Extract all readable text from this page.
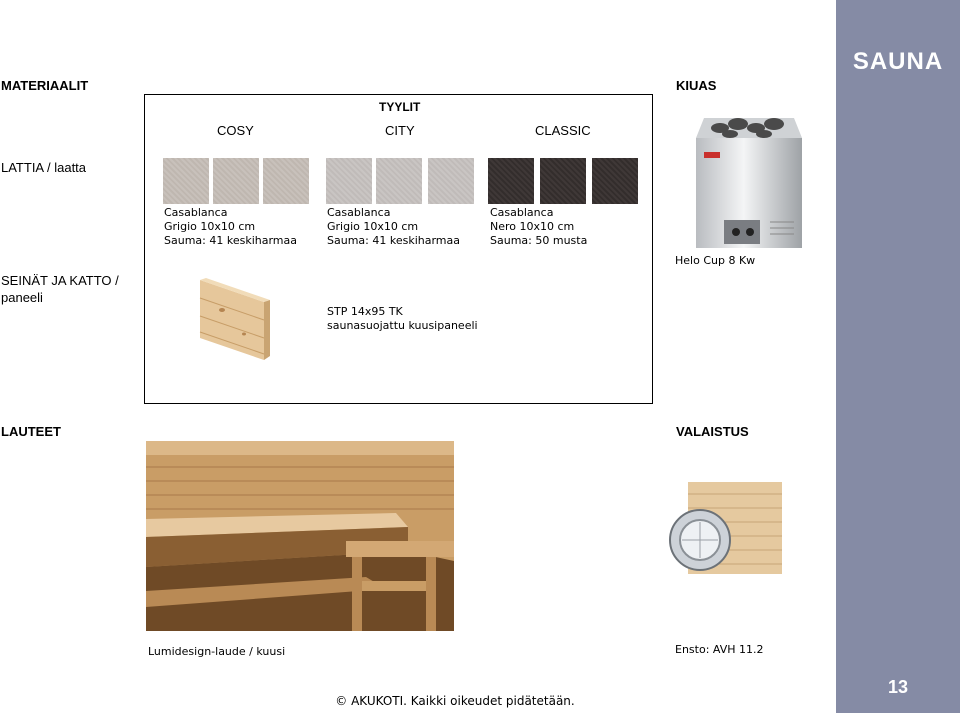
SAUNA
13
MATERIAALIT	KIUAS
LAUTEET	VALAISTUS
TYYLIT
COSY	CITY	CLASSIC
LATTIA / laatta
SEINÄT JA KATTO /
paneeli
Casablanca
Grigio 10x10 cm
Sauma: 41 keskiharmaa
Casablanca
Grigio 10x10 cm
Sauma: 41 keskiharmaa
Casablanca
Nero 10x10 cm
Sauma: 50 musta
STP 14x95 TK
saunasuojattu kuusipaneeli
Helo Cup 8 Kw
Lumidesign-laude / kuusi	Ensto: AVH 11.2
© AKUKOTI. Kaikki oikeudet pidätetään.
